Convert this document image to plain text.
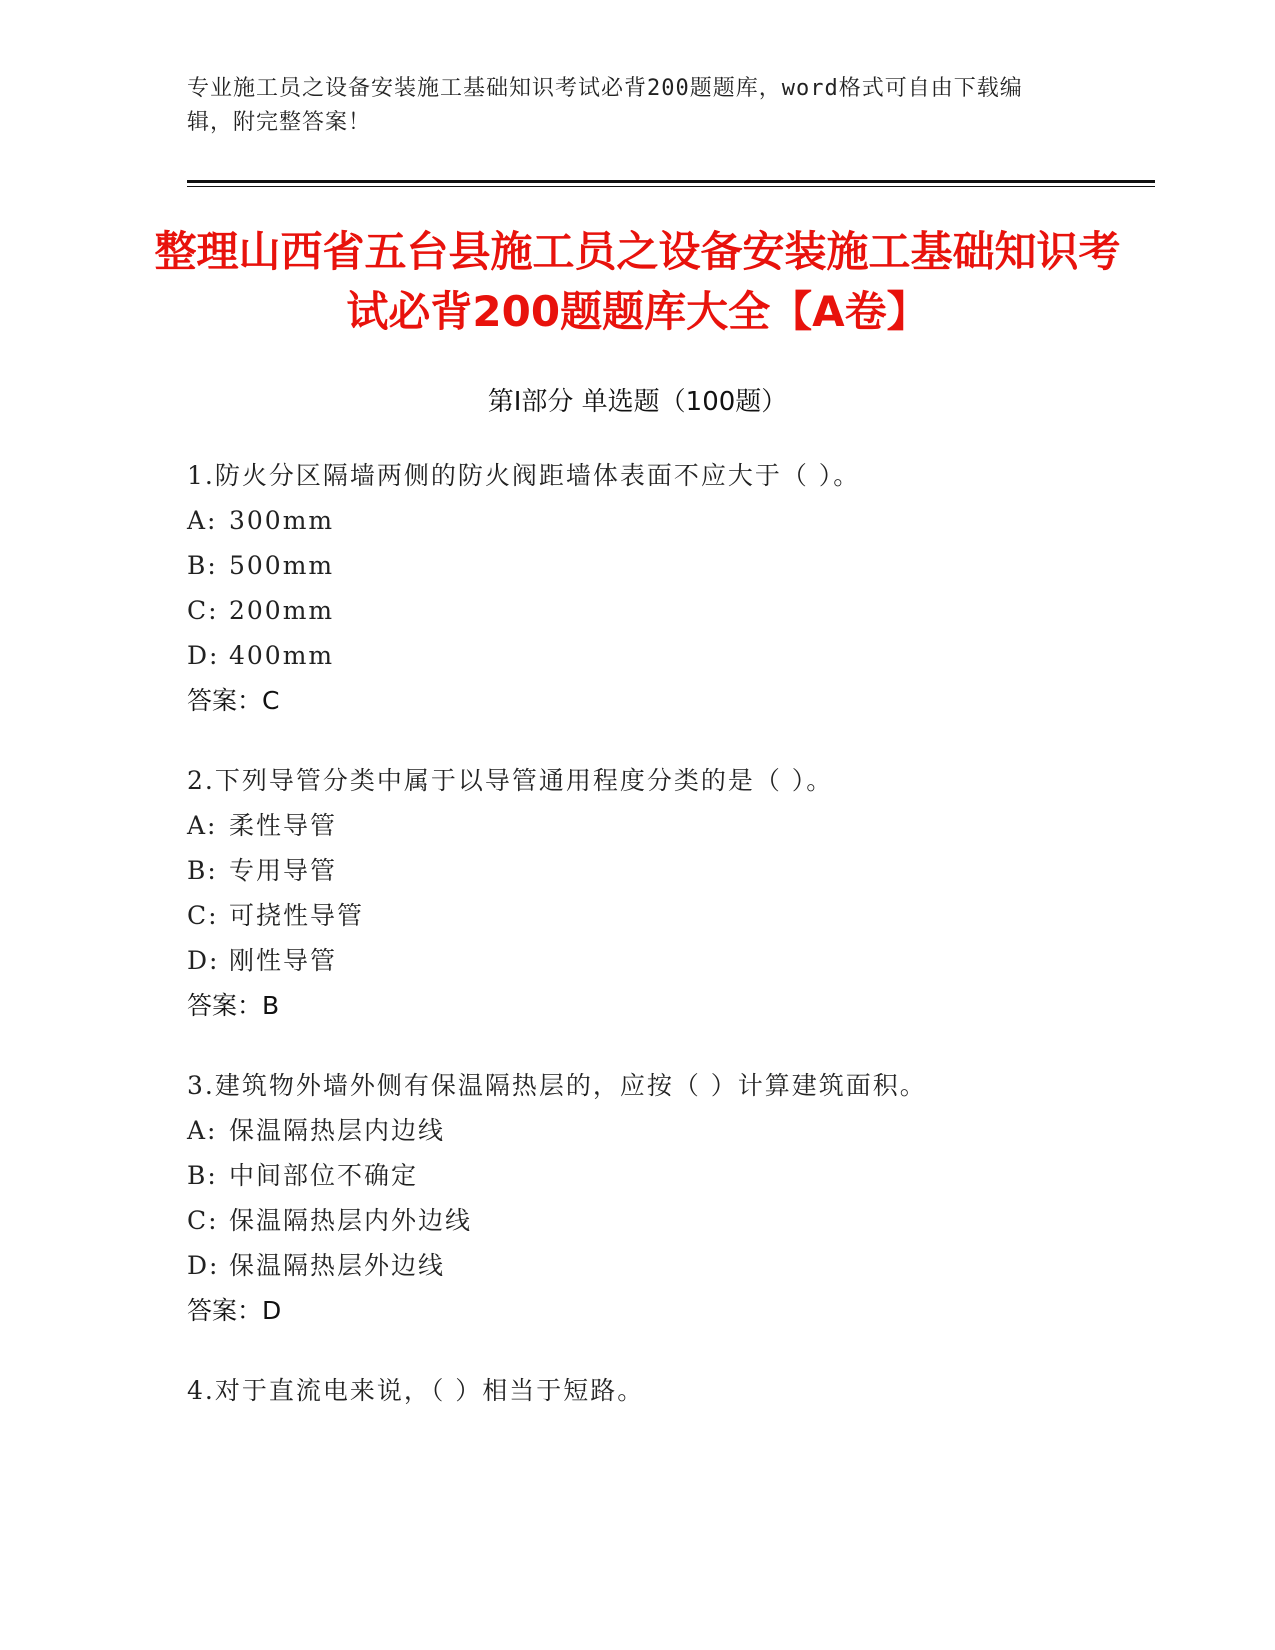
专业施工员之设备安装施工基础知识考试必背200题题库，word格式可自由下载编辑，附完整答案！
整理山西省五台县施工员之设备安装施工基础知识考试必背200题题库大全【A卷】
第Ⅰ部分 单选题（100题）
1.防火分区隔墙两侧的防火阀距墙体表面不应大于（ ）。
A: 300mm
B: 500mm
C: 200mm
D: 400mm
答案：C
2.下列导管分类中属于以导管通用程度分类的是（ ）。
A: 柔性导管
B: 专用导管
C: 可挠性导管
D: 刚性导管
答案：B
3.建筑物外墙外侧有保温隔热层的，应按（ ）计算建筑面积。
A: 保温隔热层内边线
B: 中间部位不确定
C: 保温隔热层内外边线
D: 保温隔热层外边线
答案：D
4.对于直流电来说，（ ）相当于短路。
